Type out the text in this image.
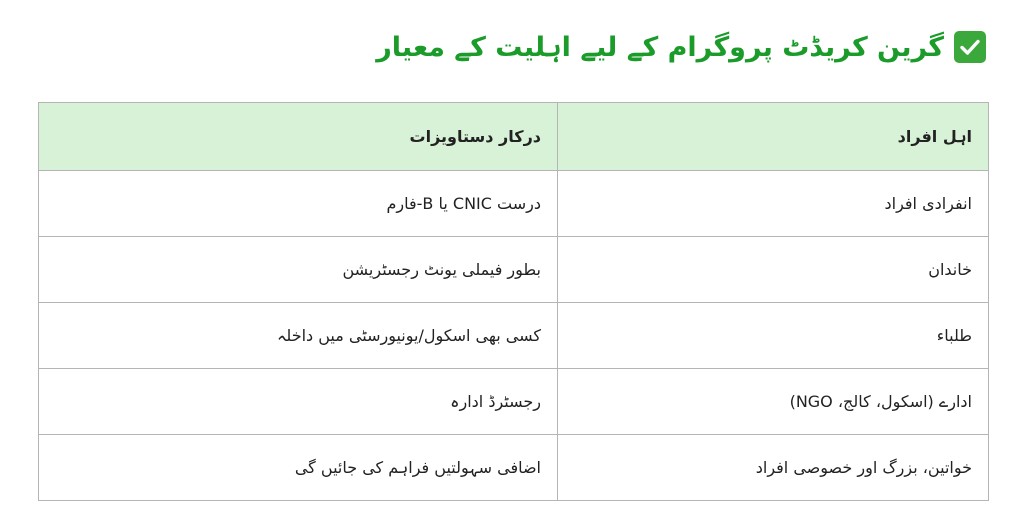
گرین کریڈٹ پروگرام کے لیے اہلیت کے معیار
اہل افراد	درکار دستاویزات
انفرادی افراد	درست CNIC یا B-فارم
خاندان	بطور فیملی یونٹ رجسٹریشن
طلباء	کسی بھی اسکول/یونیورسٹی میں داخلہ
ادارے (اسکول، کالج، NGO)	رجسٹرڈ ادارہ
خواتین، بزرگ اور خصوصی افراد	اضافی سہولتیں فراہم کی جائیں گی
